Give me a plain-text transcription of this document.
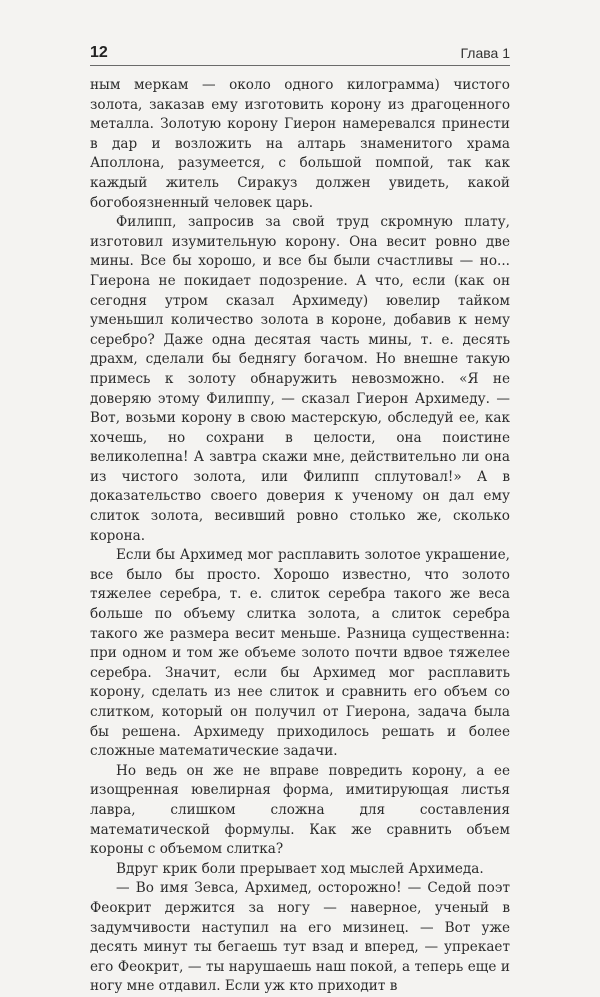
12	Глава 1

ным меркам — около одного килограмма) чистого золота, заказав ему изготовить корону из драгоценного металла. Золотую корону Гиерон намеревался принести в дар и возложить на алтарь знаменитого храма Аполлона, разумеется, с большой помпой, так как каждый житель Сиракуз должен увидеть, какой богобоязненный человек царь.

Филипп, запросив за свой труд скромную плату, изготовил изумительную корону. Она весит ровно две мины. Все бы хорошо, и все бы были счастливы — но... Гиерона не покидает подозрение. А что, если (как он сегодня утром сказал Архимеду) ювелир тайком уменьшил количество золота в короне, добавив к нему серебро? Даже одна десятая часть мины, т. е. десять драхм, сделали бы беднягу богачом. Но внешне такую примесь к золоту обнаружить невозможно. «Я не доверяю этому Филиппу, — сказал Гиерон Архимеду. — Вот, возьми корону в свою мастерскую, обследуй ее, как хочешь, но сохрани в целости, она поистине великолепна! А завтра скажи мне, действительно ли она из чистого золота, или Филипп сплутовал!» А в доказательство своего доверия к ученому он дал ему слиток золота, весивший ровно столько же, сколько корона.

Если бы Архимед мог расплавить золотое украшение, все было бы просто. Хорошо известно, что золото тяжелее серебра, т. е. слиток серебра такого же веса больше по объему слитка золота, а слиток серебра такого же размера весит меньше. Разница существенна: при одном и том же объеме золото почти вдвое тяжелее серебра. Значит, если бы Архимед мог расплавить корону, сделать из нее слиток и сравнить его объем со слитком, который он получил от Гиерона, задача была бы решена. Архимеду приходилось решать и более сложные математические задачи.

Но ведь он же не вправе повредить корону, а ее изощренная ювелирная форма, имитирующая листья лавра, слишком сложна для составления математической формулы. Как же сравнить объем короны с объемом слитка?

Вдруг крик боли прерывает ход мыслей Архимеда.

— Во имя Зевса, Архимед, осторожно! — Седой поэт Феокрит держится за ногу — наверное, ученый в задумчивости наступил на его мизинец. — Вот уже десять минут ты бегаешь тут взад и вперед, — упрекает его Феокрит, — ты нарушаешь наш покой, а теперь еще и ногу мне отдавил. Если уж кто приходит в
